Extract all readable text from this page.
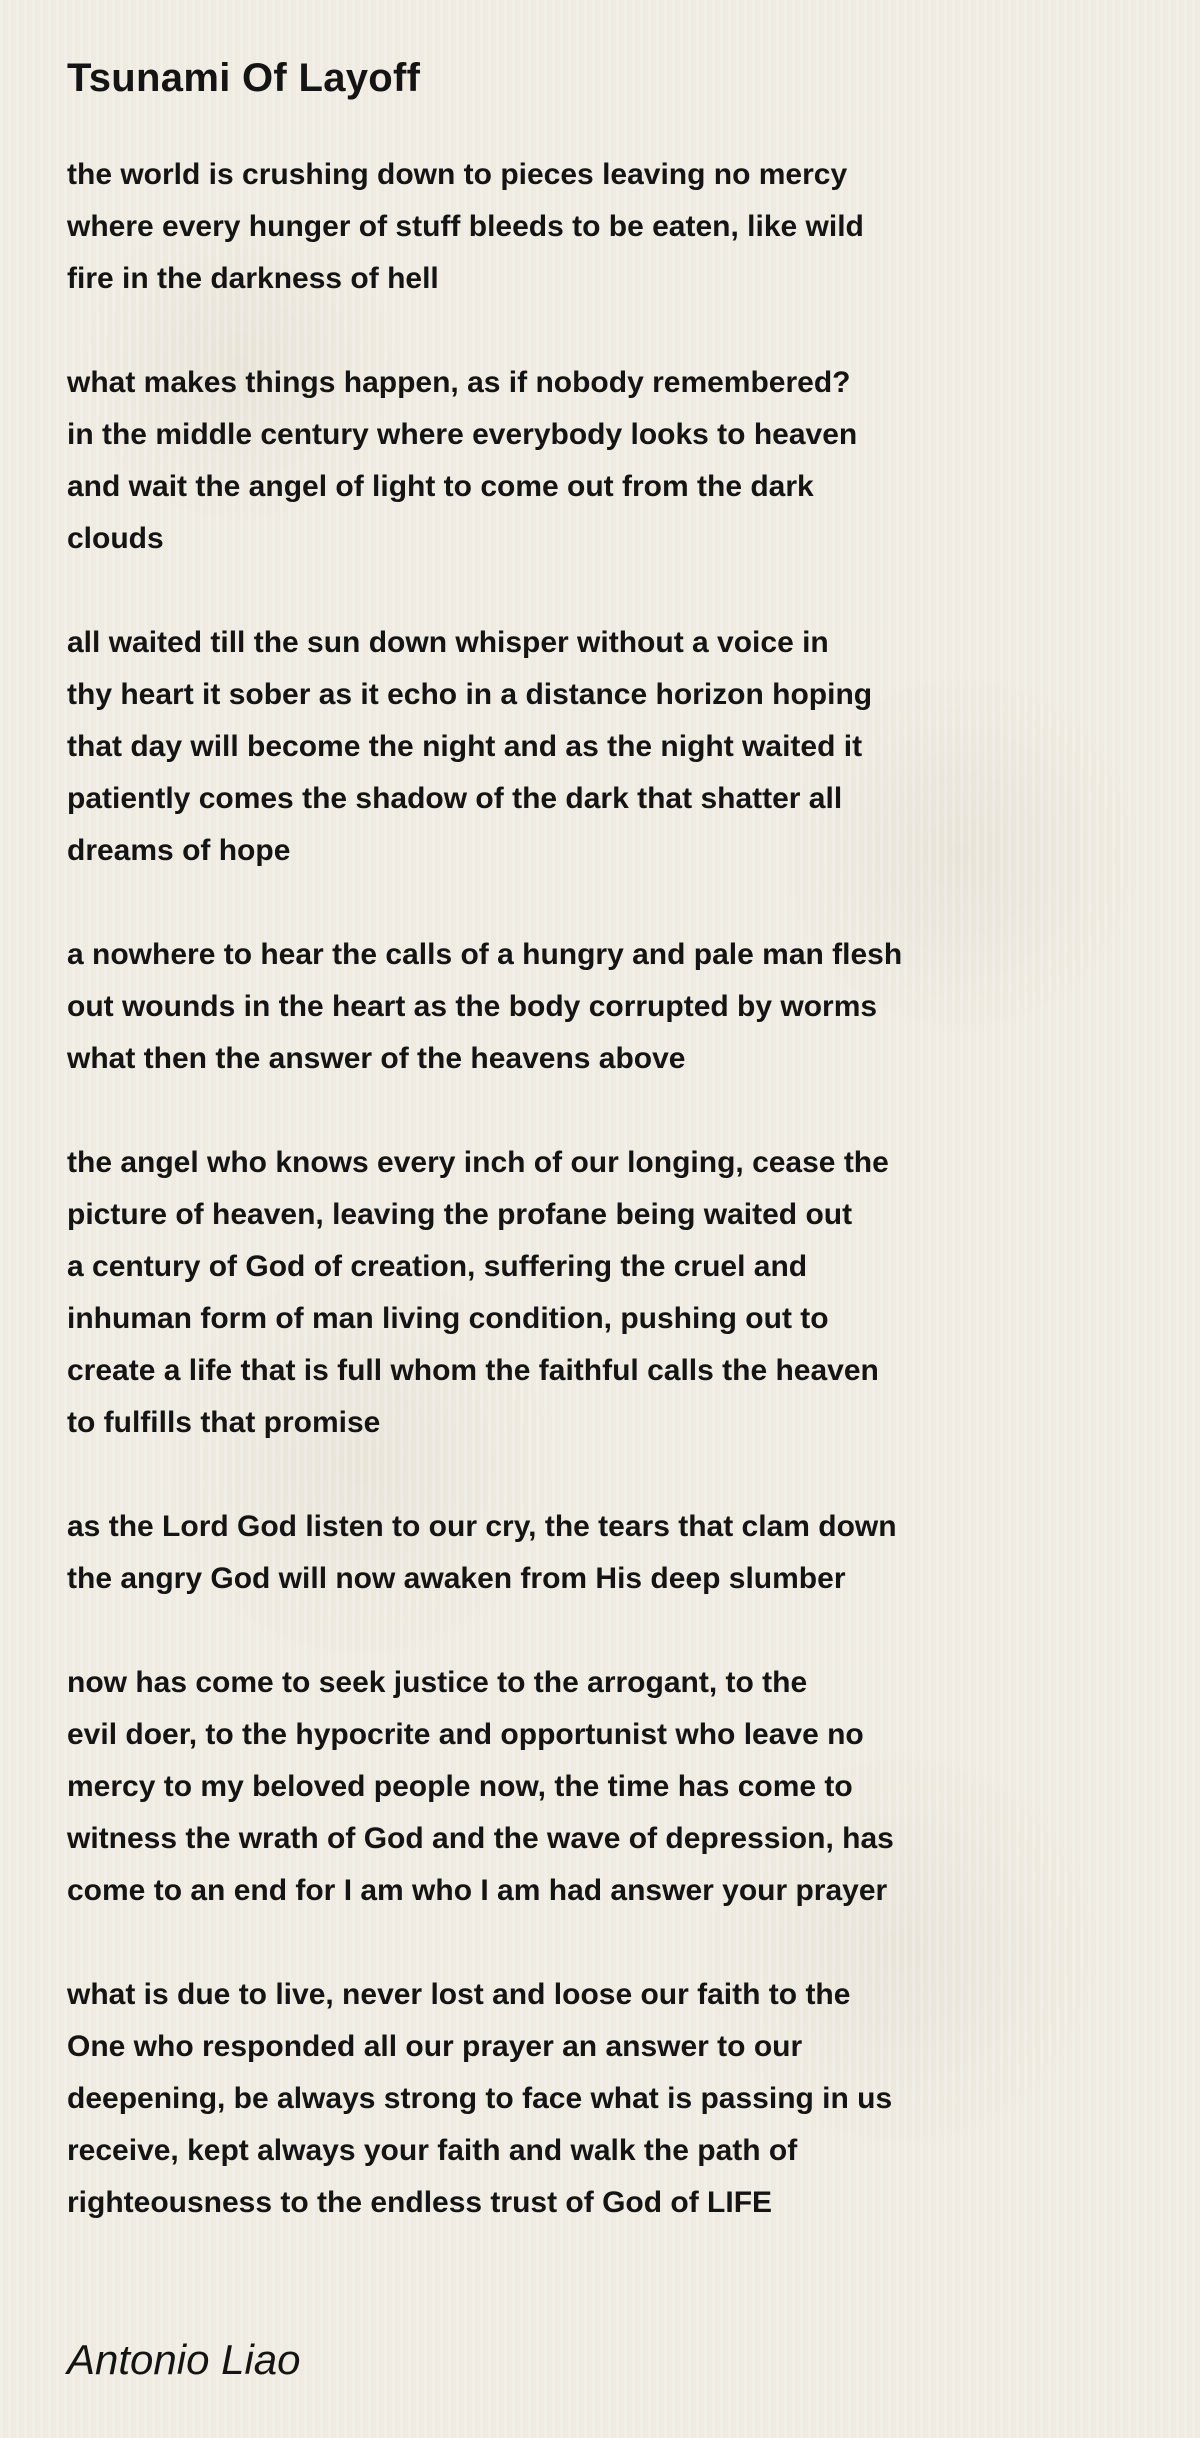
Tsunami Of Layoff
the world is crushing down to pieces leaving no mercy
where every hunger of stuff bleeds to be eaten, like wild
fire in the darkness of hell
what makes things happen, as if nobody remembered?
in the middle century where everybody looks to heaven
and wait the angel of light to come out from the dark
clouds
all waited till the sun down whisper without a voice in
thy heart it sober as it echo in a distance horizon hoping
that day will become the night and as the night waited it
patiently comes the shadow of the dark that shatter all
dreams of hope
a nowhere to hear the calls of a hungry and pale man flesh
out wounds in the heart as the body corrupted by worms
what then the answer of the heavens above
the angel who knows every inch of our longing, cease the
picture of heaven, leaving the profane being waited out
a century of God of creation, suffering the cruel and
inhuman form of man living condition, pushing out to
create a life that is full whom the faithful calls the heaven
to fulfills that promise
as the Lord God listen to our cry, the tears that clam down
the angry God will now awaken from His deep slumber
now has come to seek justice to the arrogant, to the
evil doer, to the hypocrite and opportunist who leave no
mercy to my beloved people now, the time has come to
witness the wrath of God and the wave of depression, has
come to an end for I am who I am had answer your prayer
what is due to live, never lost and loose our faith to the
One who responded all our prayer an answer to our
deepening, be always strong to face what is passing in us
receive, kept always your faith and walk the path of
righteousness to the endless trust of God of LIFE

Antonio Liao
